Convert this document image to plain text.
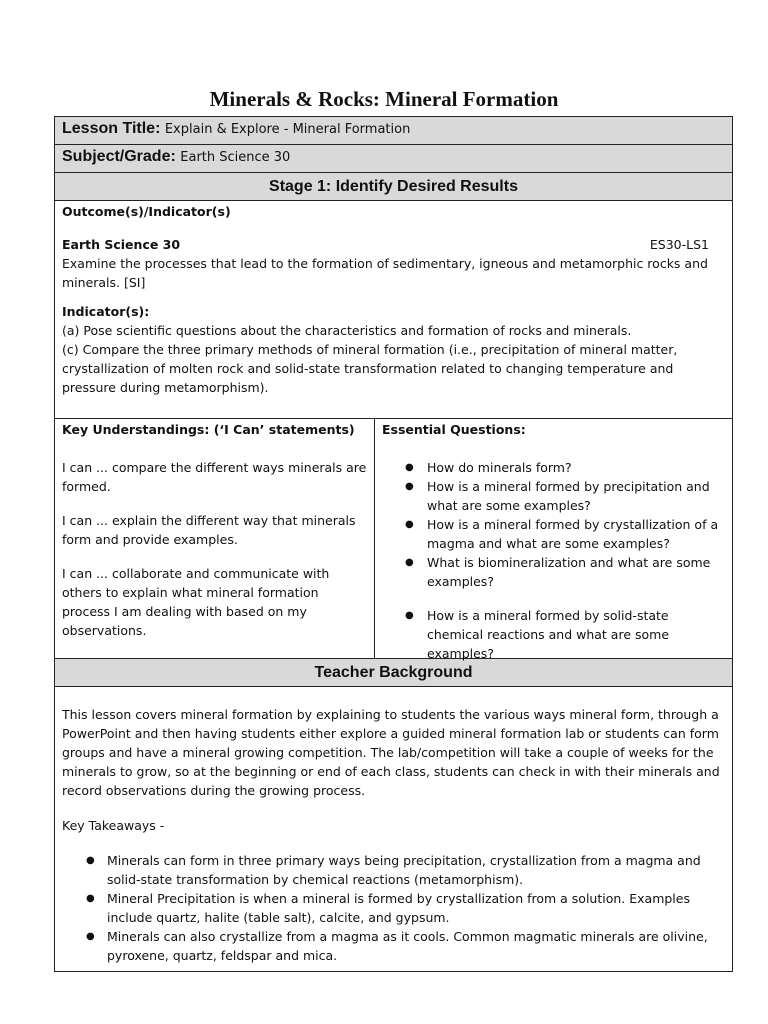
Minerals & Rocks: Mineral Formation
Lesson Title: Explain & Explore - Mineral Formation
Subject/Grade: Earth Science 30
Stage 1: Identify Desired Results
Outcome(s)/Indicator(s)
Earth Science 30	ES30-LS1
Examine the processes that lead to the formation of sedimentary, igneous and metamorphic rocks and minerals. [SI]
Indicator(s):
(a) Pose scientific questions about the characteristics and formation of rocks and minerals.
(c) Compare the three primary methods of mineral formation (i.e., precipitation of mineral matter, crystallization of molten rock and solid-state transformation related to changing temperature and pressure during metamorphism).
Key Understandings: (‘I Can’ statements)
I can ... compare the different ways minerals are formed.
I can ... explain the different way that minerals form and provide examples.
I can ... collaborate and communicate with others to explain what mineral formation process I am dealing with based on my observations.
Essential Questions:
● How do minerals form?
● How is a mineral formed by precipitation and what are some examples?
● How is a mineral formed by crystallization of a magma and what are some examples?
● What is biomineralization and what are some examples?
● How is a mineral formed by solid-state chemical reactions and what are some examples?
Teacher Background
This lesson covers mineral formation by explaining to students the various ways mineral form, through a PowerPoint and then having students either explore a guided mineral formation lab or students can form groups and have a mineral growing competition. The lab/competition will take a couple of weeks for the minerals to grow, so at the beginning or end of each class, students can check in with their minerals and record observations during the growing process.
Key Takeaways -
● Minerals can form in three primary ways being precipitation, crystallization from a magma and solid-state transformation by chemical reactions (metamorphism).
● Mineral Precipitation is when a mineral is formed by crystallization from a solution. Examples include quartz, halite (table salt), calcite, and gypsum.
● Minerals can also crystallize from a magma as it cools. Common magmatic minerals are olivine, pyroxene, quartz, feldspar and mica.
